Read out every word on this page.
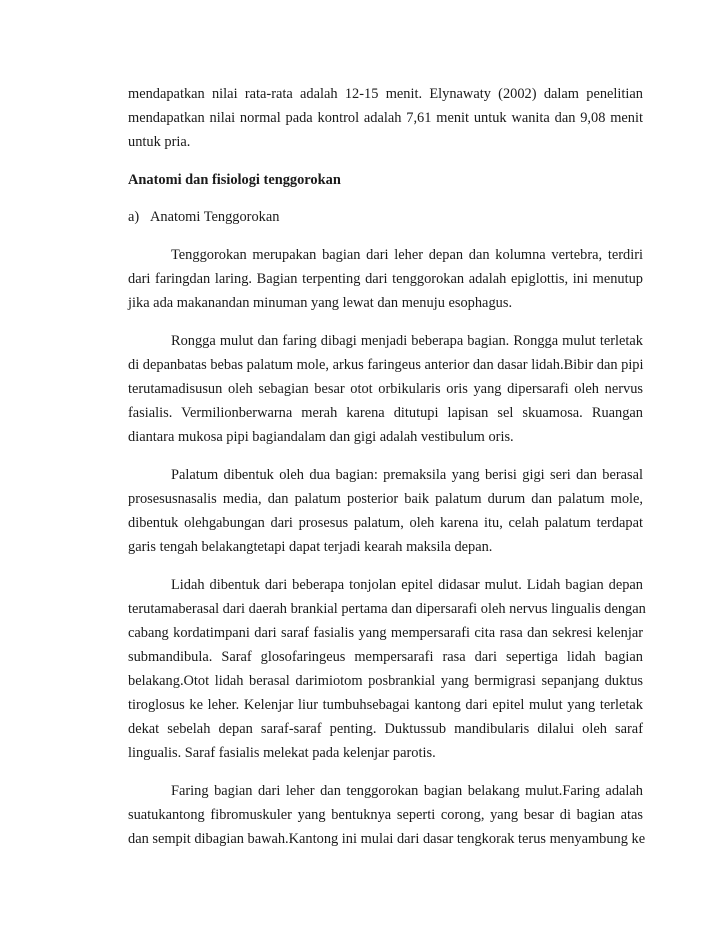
mendapatkan nilai rata-rata adalah 12-15 menit. Elynawaty (2002) dalam penelitian
mendapatkan nilai normal pada kontrol adalah 7,61 menit untuk wanita dan 9,08 menit
untuk pria.

Anatomi dan fisiologi tenggorokan

a) Anatomi Tenggorokan

Tenggorokan merupakan bagian dari leher depan dan kolumna vertebra, terdiri
dari faringdan laring. Bagian terpenting dari tenggorokan adalah epiglottis, ini menutup
jika ada makanandan minuman yang lewat dan menuju esophagus.

Rongga mulut dan faring dibagi menjadi beberapa bagian. Rongga mulut terletak
di depanbatas bebas palatum mole, arkus faringeus anterior dan dasar lidah.Bibir dan pipi
terutamadisusun oleh sebagian besar otot orbikularis oris yang dipersarafi oleh nervus
fasialis. Vermilionberwarna merah karena ditutupi lapisan sel skuamosa. Ruangan
diantara mukosa pipi bagiandalam dan gigi adalah vestibulum oris.

Palatum dibentuk oleh dua bagian: premaksila yang berisi gigi seri dan berasal
prosesusnasalis media, dan palatum posterior baik palatum durum dan palatum mole,
dibentuk olehgabungan dari prosesus palatum, oleh karena itu, celah palatum terdapat
garis tengah belakangtetapi dapat terjadi kearah maksila depan.

Lidah dibentuk dari beberapa tonjolan epitel didasar mulut. Lidah bagian depan
terutamaberasal dari daerah brankial pertama dan dipersarafi oleh nervus lingualis dengan
cabang kordatimpani dari saraf fasialis yang mempersarafi cita rasa dan sekresi kelenjar
submandibula. Saraf glosofaringeus mempersarafi rasa dari sepertiga lidah bagian
belakang.Otot lidah berasal darimiotom posbrankial yang bermigrasi sepanjang duktus
tiroglosus ke leher. Kelenjar liur tumbuhsebagai kantong dari epitel mulut yang terletak
dekat sebelah depan saraf-saraf penting. Duktussub mandibularis dilalui oleh saraf
lingualis. Saraf fasialis melekat pada kelenjar parotis.

Faring bagian dari leher dan tenggorokan bagian belakang mulut.Faring adalah
suatukantong fibromuskuler yang bentuknya seperti corong, yang besar di bagian atas
dan sempit dibagian bawah.Kantong ini mulai dari dasar tengkorak terus menyambung ke
